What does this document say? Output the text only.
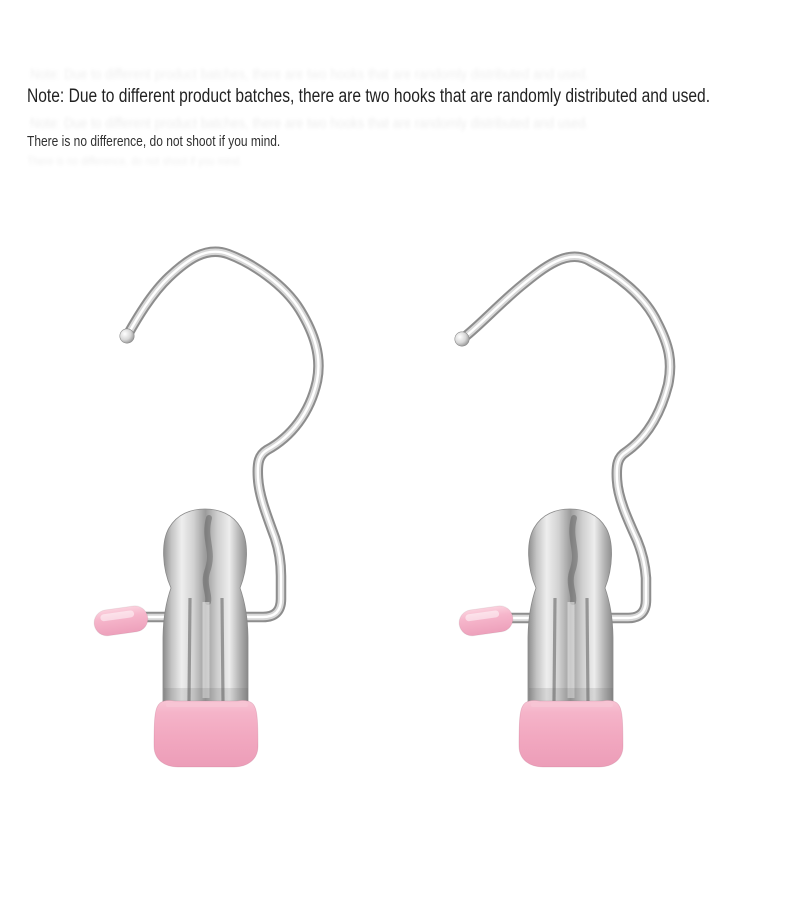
Note: Due to different product batches, there are two hooks that are randomly distributed and used.

Note: Due to different product batches, there are two hooks that are randomly distributed and used.

There is no difference, do not shoot if you mind.

Note: Due to different product batches, there are two hooks that are randomly distributed and used.

There is no difference, do not shoot if you mind.
